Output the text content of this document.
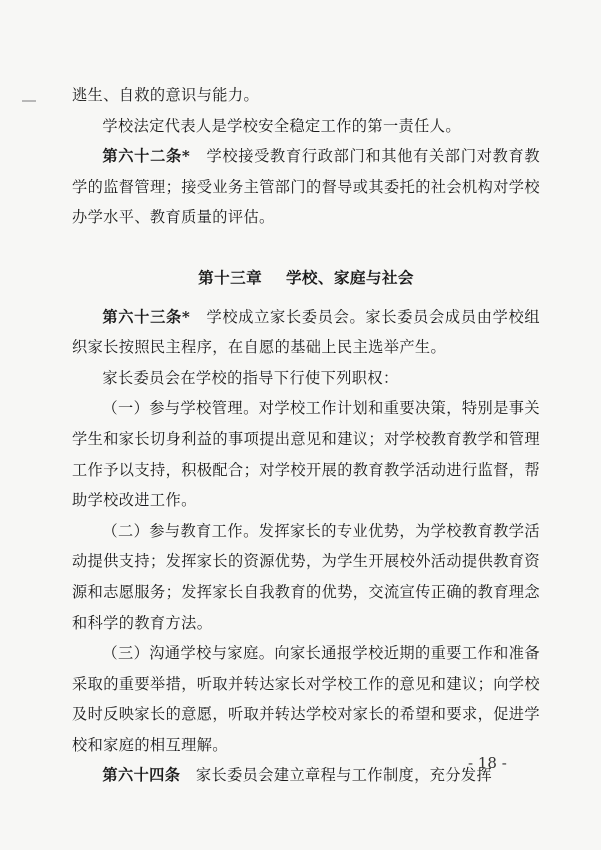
逃生、自救的意识与能力。

学校法定代表人是学校安全稳定工作的第一责任人。

第六十二条*　 学校接受教育行政部门和其他有关部门对教育教学的监督管理；接受业务主管部门的督导或其委托的社会机构对学校办学水平、教育质量的评估。

第十三章 学校、家庭与社会

第六十三条*　 学校成立家长委员会。家长委员会成员由学校组织家长按照民主程序，在自愿的基础上民主选举产生。

家长委员会在学校的指导下行使下列职权：

（一）参与学校管理。对学校工作计划和重要决策，特别是事关学生和家长切身利益的事项提出意见和建议；对学校教育教学和管理工作予以支持，积极配合；对学校开展的教育教学活动进行监督，帮助学校改进工作。

（二）参与教育工作。发挥家长的专业优势，为学校教育教学活动提供支持；发挥家长的资源优势，为学生开展校外活动提供教育资源和志愿服务；发挥家长自我教育的优势，交流宣传正确的教育理念和科学的教育方法。

（三）沟通学校与家庭。向家长通报学校近期的重要工作和准备采取的重要举措，听取并转达家长对学校工作的意见和建议；向学校及时反映家长的意愿，听取并转达学校对家长的希望和要求，促进学校和家庭的相互理解。

第六十四条　 家长委员会建立章程与工作制度，充分发挥

- 18 -
